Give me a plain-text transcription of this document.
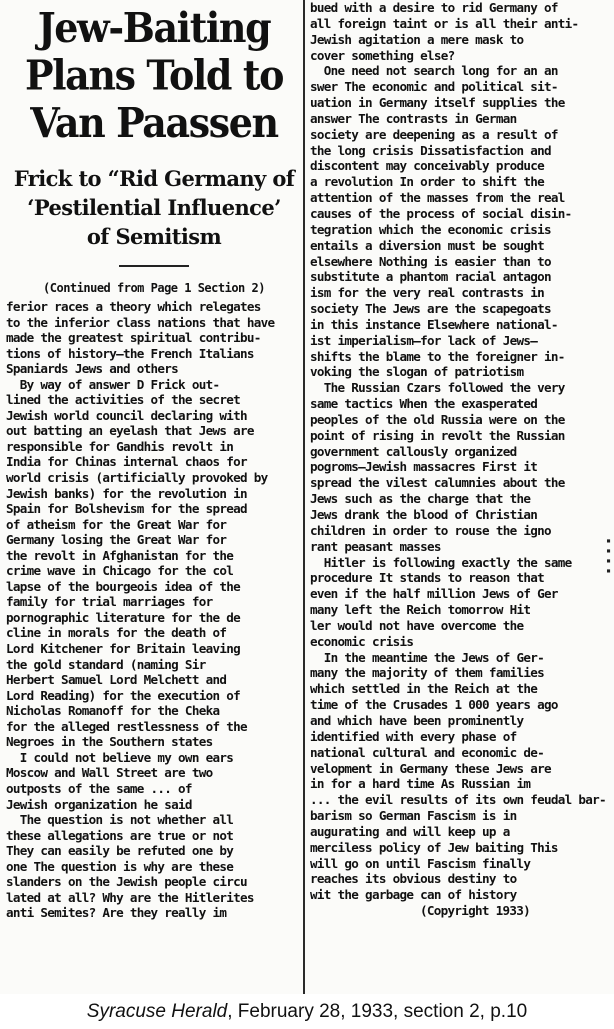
Jew-Baiting
Plans Told to
Van Paassen
Frick to “Rid Germany of
‘Pestilential Influence’
of Semitism

(Continued from Page 1 Section 2)

ferior races a theory which relegates
to the inferior class nations that have
made the greatest spiritual contribu-
tions of history—the French Italians
Spaniards Jews and others
By way of answer D Frick out-
lined the activities of the secret
Jewish world council declaring with
out batting an eyelash that Jews are
responsible for Gandhis revolt in
India for Chinas internal chaos for
world crisis (artificially provoked by
Jewish banks) for the revolution in
Spain for Bolshevism for the spread
of atheism for the Great War for
Germany losing the Great War for
the revolt in Afghanistan for the
crime wave in Chicago for the col
lapse of the bourgeois idea of the
family for trial marriages for
pornographic literature for the de
cline in morals for the death of
Lord Kitchener for Britain leaving
the gold standard (naming Sir
Herbert Samuel Lord Melchett and
Lord Reading) for the execution of
Nicholas Romanoff for the Cheka
for the alleged restlessness of the
Negroes in the Southern states
I could not believe my own ears
Moscow and Wall Street are two
outposts of the same ... of
Jewish organization he said
The question is not whether all
these allegations are true or not
They can easily be refuted one by
one The question is why are these
slanders on the Jewish people circu
lated at all? Why are the Hitlerites
anti Semites? Are they really im

bued with a desire to rid Germany of
all foreign taint or is all their anti-
Jewish agitation a mere mask to
cover something else?
One need not search long for an an
swer The economic and political sit-
uation in Germany itself supplies the
answer The contrasts in German
society are deepening as a result of
the long crisis Dissatisfaction and
discontent may conceivably produce
a revolution In order to shift the
attention of the masses from the real
causes of the process of social disin-
tegration which the economic crisis
entails a diversion must be sought
elsewhere Nothing is easier than to
substitute a phantom racial antagon
ism for the very real contrasts in
society The Jews are the scapegoats
in this instance Elsewhere national-
ist imperialism—for lack of Jews—
shifts the blame to the foreigner in-
voking the slogan of patriotism
The Russian Czars followed the very
same tactics When the exasperated
peoples of the old Russia were on the
point of rising in revolt the Russian
government callously organized
pogroms—Jewish massacres First it
spread the vilest calumnies about the
Jews such as the charge that the
Jews drank the blood of Christian
children in order to rouse the igno
rant peasant masses
Hitler is following exactly the same
procedure It stands to reason that
even if the half million Jews of Ger
many left the Reich tomorrow Hit
ler would not have overcome the
economic crisis
In the meantime the Jews of Ger-
many the majority of them families
which settled in the Reich at the
time of the Crusades 1 000 years ago
and which have been prominently
identified with every phase of
national cultural and economic de-
velopment in Germany these Jews are
in for a hard time As Russian im
... the evil results of its own feudal bar-
barism so German Fascism is in
augurating and will keep up a
merciless policy of Jew baiting This
will go on until Fascism finally
reaches its obvious destiny to
wit the garbage can of history

(Copyright 1933)

▪▪▪▪
Syracuse Herald, February 28, 1933, section 2, p.10
